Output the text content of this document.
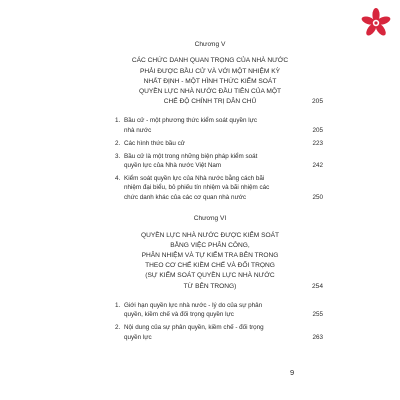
Chương V
CÁC CHỨC DANH QUAN TRỌNG CỦA NHÀ NƯỚC
PHẢI ĐƯỢC BẦU CỬ VÀ VỚI MỘT NHIỆM KỲ
NHẤT ĐỊNH - MỘT HÌNH THỨC KIỂM SOÁT
QUYỀN LỰC NHÀ NƯỚC ĐẦU TIÊN CỦA MỘT
CHẾ ĐỘ CHÍNH TRỊ DÂN CHỦ	205
1. Bầu cử - một phương thức kiểm soát quyền lực
nhà nước	205
2. Các hình thức bầu cử	223
3. Bầu cử là một trong những biện pháp kiểm soát
quyền lực của Nhà nước Việt Nam	242
4. Kiểm soát quyền lực của Nhà nước bằng cách bãi
nhiệm đại biểu, bỏ phiếu tín nhiệm và bãi nhiệm các
chức danh khác của các cơ quan nhà nước	250
Chương VI
QUYỀN LỰC NHÀ NƯỚC ĐƯỢC KIỂM SOÁT
BẰNG VIỆC PHÂN CÔNG,
PHÂN NHIỆM VÀ TỰ KIỂM TRA BÊN TRONG
THEO CƠ CHẾ KIỀM CHẾ VÀ ĐỐI TRỌNG
(SỰ KIỂM SOÁT QUYỀN LỰC NHÀ NƯỚC
TỪ BÊN TRONG)	254
1. Giới hạn quyền lực nhà nước - lý do của sự phân
quyền, kiềm chế và đối trọng quyền lực	255
2. Nội dung của sự phân quyền, kiềm chế - đối trọng
quyền lực	263
9
